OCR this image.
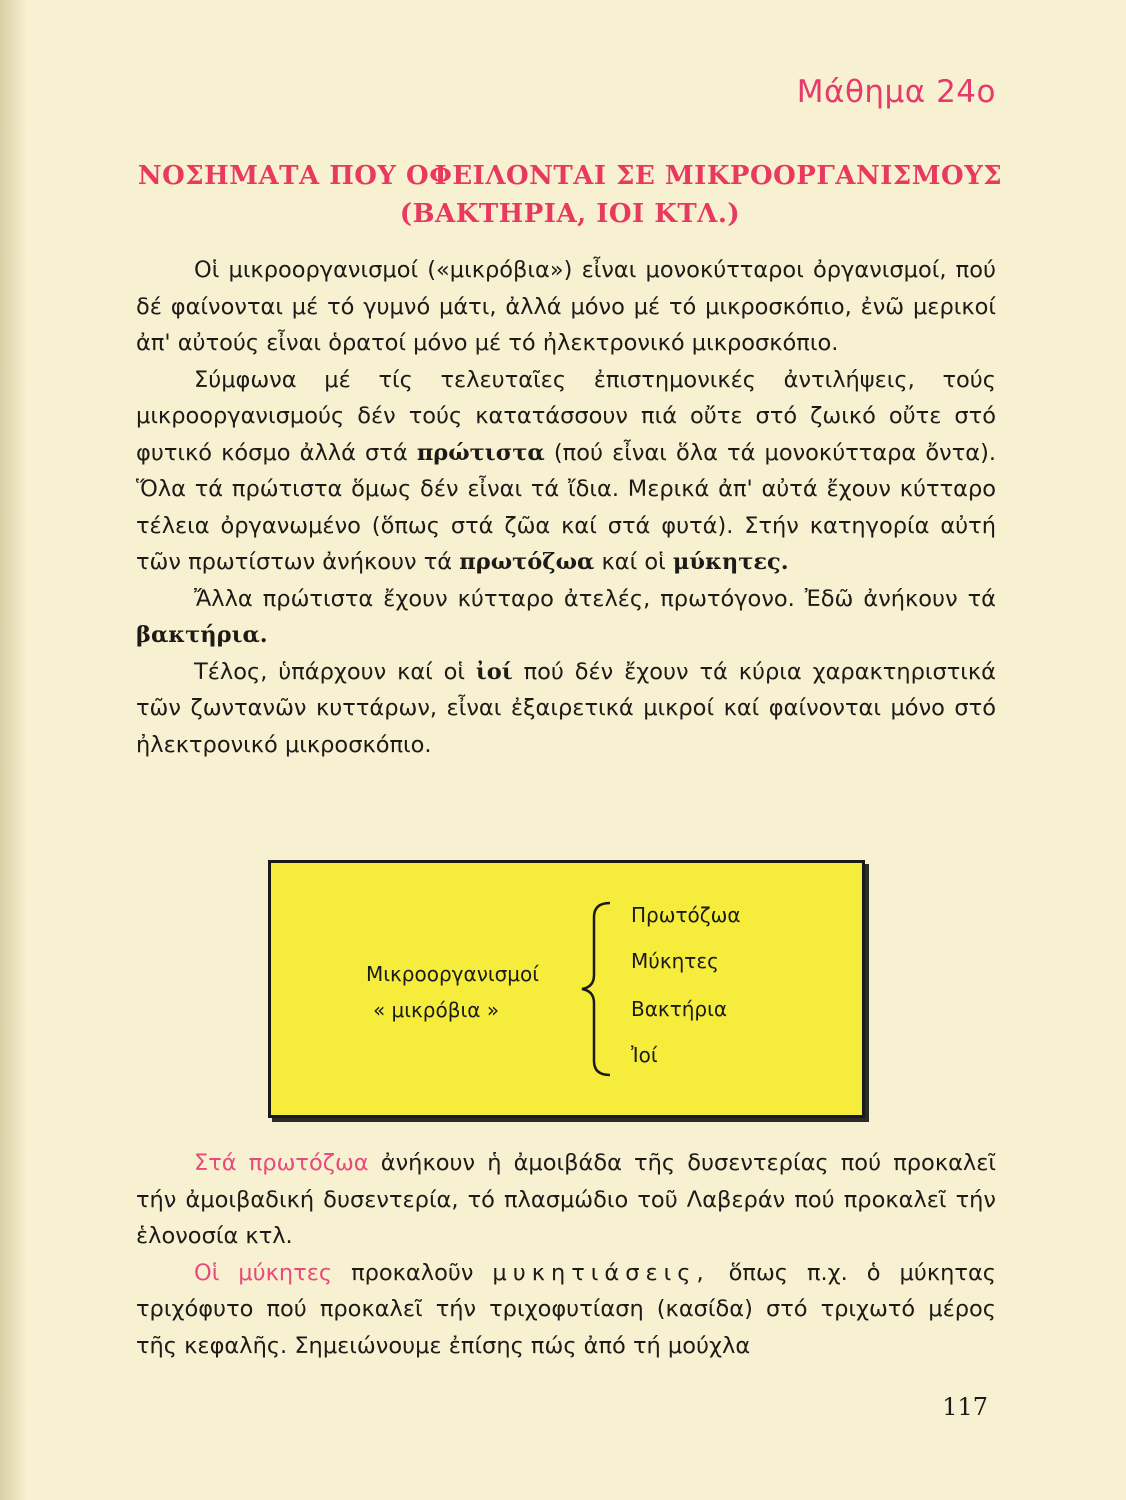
Μάθημα 24ο
ΝΟΣΗΜΑΤΑ ΠΟΥ ΟΦΕΙΛΟΝΤΑΙ ΣΕ ΜΙΚΡΟΟΡΓΑΝΙΣΜΟΥΣ
(ΒΑΚΤΗΡΙΑ, ΙΟΙ ΚΤΛ.)

Οἱ μικροοργανισμοί («μικρόβια») εἶναι μονοκύτταροι ὀργανισμοί, πού δέ φαίνονται μέ τό γυμνό μάτι, ἀλλά μόνο μέ τό μικροσκόπιο, ἐνῶ μερικοί ἀπ' αὐτούς εἶναι ὁρατοί μόνο μέ τό ἠλεκτρονικό μικροσκόπιο.

Σύμφωνα μέ τίς τελευταῖες ἐπιστημονικές ἀντιλήψεις, τούς μικροοργανισμούς δέν τούς κατατάσσουν πιά οὔτε στό ζωικό οὔτε στό φυτικό κόσμο ἀλλά στά πρώτιστα (πού εἶναι ὅλα τά μονοκύτταρα ὄντα). Ὅλα τά πρώτιστα ὅμως δέν εἶναι τά ἴδια. Μερικά ἀπ' αὐτά ἔχουν κύτταρο τέλεια ὀργανωμένο (ὅπως στά ζῶα καί στά φυτά). Στήν κατηγορία αὐτή τῶν πρωτίστων ἀνήκουν τά πρωτόζωα καί οἱ μύκητες.

Ἄλλα πρώτιστα ἔχουν κύτταρο ἀτελές, πρωτόγονο. Ἐδῶ ἀνήκουν τά βακτήρια.

Τέλος, ὑπάρχουν καί οἱ ἰοί πού δέν ἔχουν τά κύρια χαρακτηριστικά τῶν ζωντανῶν κυττάρων, εἶναι ἐξαιρετικά μικροί καί φαίνονται μόνο στό ἠλεκτρονικό μικροσκόπιο.

Μικροοργανισμοί
« μικρόβια »
Πρωτόζωα
Μύκητες
Βακτήρια
Ἰοί

Στά πρωτόζωα ἀνήκουν ἡ ἀμοιβάδα τῆς δυσεντερίας πού προκαλεῖ τήν ἀμοιβαδική δυσεντερία, τό πλασμώδιο τοῦ Λαβεράν πού προκαλεῖ τήν ἑλονοσία κτλ.

Οἱ μύκητες προκαλοῦν μυκητιάσεις, ὅπως π.χ. ὁ μύκητας τριχόφυτο πού προκαλεῖ τήν τριχοφυτίαση (κασίδα) στό τριχωτό μέρος τῆς κεφαλῆς. Σημειώνουμε ἐπίσης πώς ἀπό τή μούχλα

117
